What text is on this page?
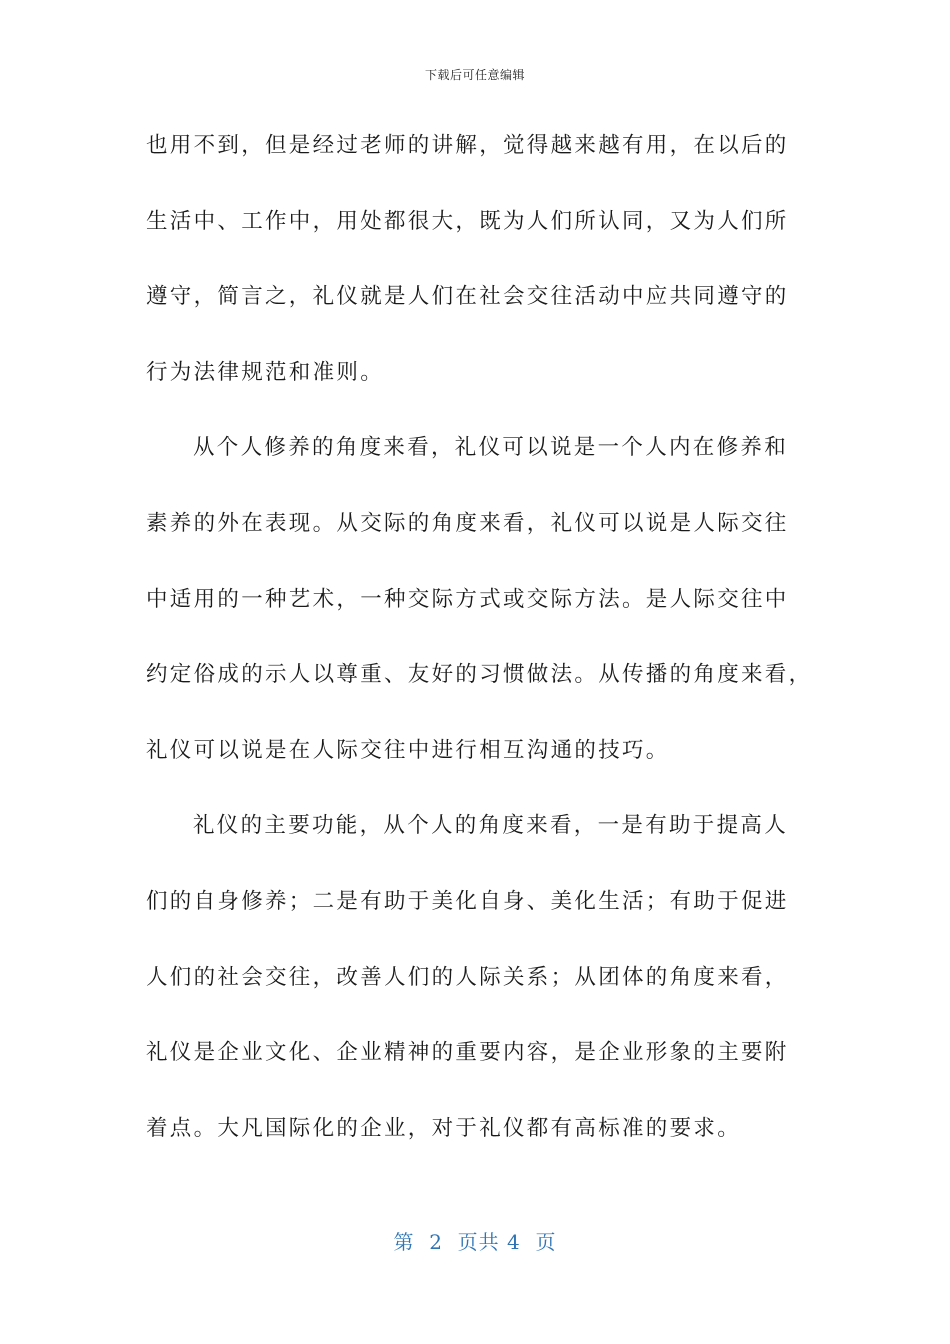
下载后可任意编辑
也用不到，但是经过老师的讲解，觉得越来越有用，在以后的
生活中、工作中，用处都很大，既为人们所认同，又为人们所
遵守，简言之，礼仪就是人们在社会交往活动中应共同遵守的
行为法律规范和准则。
从个人修养的角度来看，礼仪可以说是一个人内在修养和
素养的外在表现。从交际的角度来看，礼仪可以说是人际交往
中适用的一种艺术，一种交际方式或交际方法。是人际交往中
约定俗成的示人以尊重、友好的习惯做法。从传播的角度来看，
礼仪可以说是在人际交往中进行相互沟通的技巧。
礼仪的主要功能，从个人的角度来看，一是有助于提高人
们的自身修养；二是有助于美化自身、美化生活；有助于促进
人们的社会交往，改善人们的人际关系；从团体的角度来看，
礼仪是企业文化、企业精神的重要内容，是企业形象的主要附
着点。大凡国际化的企业，对于礼仪都有高标准的要求。
第  2  页共 4  页
